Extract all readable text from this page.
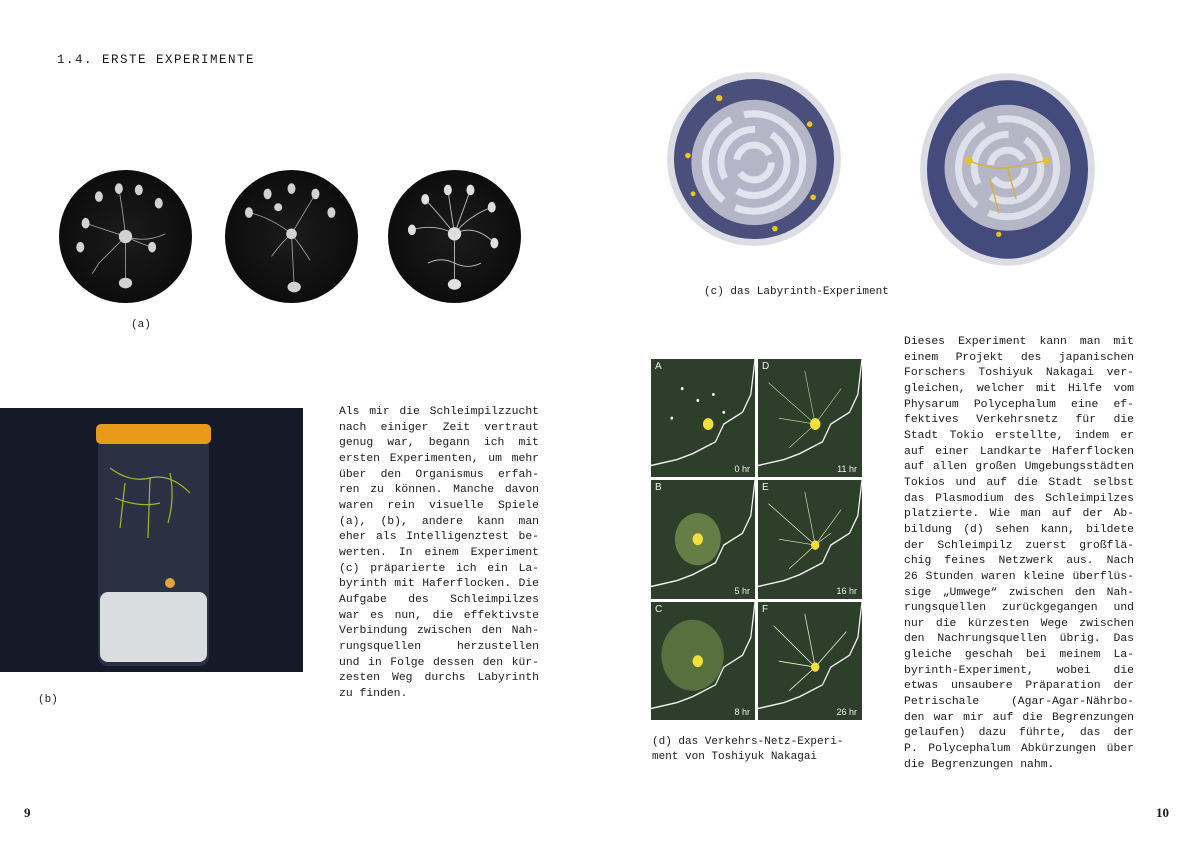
1.4. ERSTE EXPERIMENTE
(a)
(c) das Labyrinth-Experiment
(b)
Als mir die Schleimpilzzucht
nach einiger Zeit vertraut
genug war, begann ich mit
ersten Experimenten, um mehr
über den Organismus erfah-
ren zu können. Manche davon
waren rein visuelle Spiele
(a), (b), andere kann man
eher als Intelligenztest be-
werten. In einem Experiment
(c) präparierte ich ein La-
byrinth mit Haferflocken. Die
Aufgabe des Schleimpilzes
war es nun, die effektivste
Verbindung zwischen den Nah-
rungsquellen herzustellen
und in Folge dessen den kür-
zesten Weg durchs Labyrinth
zu finden.
A
0 hr
D
11 hr
B
5 hr
E
16 hr
C
8 hr
F
26 hr
(d) das Verkehrs-Netz-Experi-
ment von Toshiyuk Nakagai
Dieses Experiment kann man mit
einem Projekt des japanischen
Forschers Toshiyuk Nakagai ver-
gleichen, welcher mit Hilfe vom
Physarum Polycephalum eine ef-
fektives Verkehrsnetz für die
Stadt Tokio erstellte, indem er
auf einer Landkarte Haferflocken
auf allen großen Umgebungsstädten
Tokios und auf die Stadt selbst
das Plasmodium des Schleimpilzes
platzierte. Wie man auf der Ab-
bildung (d) sehen kann, bildete
der Schleimpilz zuerst großflä-
chig feines Netzwerk aus. Nach
26 Stunden waren kleine überflüs-
sige „Umwege“ zwischen den Nah-
rungsquellen zurückgegangen und
nur die kürzesten Wege zwischen
den Nachrungsquellen übrig. Das
gleiche geschah bei meinem La-
byrinth-Experiment, wobei die
etwas unsaubere Präparation der
Petrischale (Agar-Agar-Nährbo-
den war mir auf die Begrenzungen
gelaufen) dazu führte, das der
P. Polycephalum Abkürzungen über
die Begrenzungen nahm.
9	10
